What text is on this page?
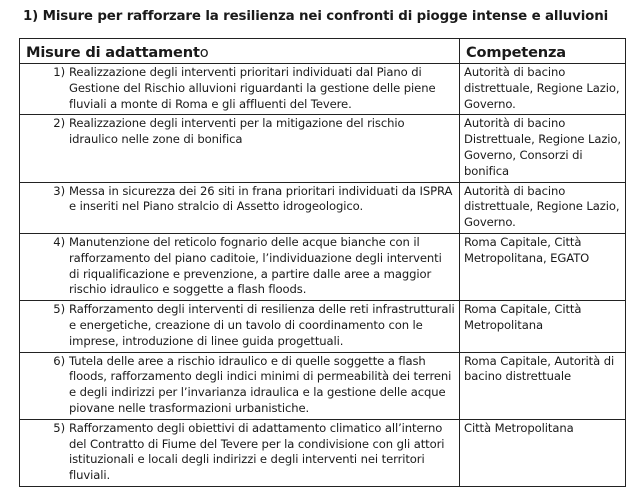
1) Misure per rafforzare la resilienza nei confronti di piogge intense e alluvioni
Misure di adattamento	Competenza

1) Realizzazione degli interventi prioritari individuati dal Piano di Gestione del Rischio alluvioni riguardanti la gestione delle piene fluviali a monte di Roma e gli affluenti del Tevere.	Autorità di bacino distrettuale, Regione Lazio, Governo.

2) Realizzazione degli interventi per la mitigazione del rischio idraulico nelle zone di bonifica	Autorità di bacino Distrettuale, Regione Lazio, Governo, Consorzi di bonifica

3) Messa in sicurezza dei 26 siti in frana prioritari individuati da ISPRA e inseriti nel Piano stralcio di Assetto idrogeologico.	Autorità di bacino distrettuale, Regione Lazio, Governo.

4) Manutenzione del reticolo fognario delle acque bianche con il rafforzamento del piano caditoie, l’individuazione degli interventi di riqualificazione e prevenzione, a partire dalle aree a maggior rischio idraulico e soggette a flash floods.	Roma Capitale, Città Metropolitana, EGATO

5) Rafforzamento degli interventi di resilienza delle reti infrastrutturali e energetiche, creazione di un tavolo di coordinamento con le imprese, introduzione di linee guida progettuali.	Roma Capitale, Città Metropolitana

6) Tutela delle aree a rischio idraulico e di quelle soggette a flash floods, rafforzamento degli indici minimi di permeabilità dei terreni e degli indirizzi per l’invarianza idraulica e la gestione delle acque piovane nelle trasformazioni urbanistiche.	Roma Capitale, Autorità di bacino distrettuale

5) Rafforzamento degli obiettivi di adattamento climatico all’interno del Contratto di Fiume del Tevere per la condivisione con gli attori istituzionali e locali degli indirizzi e degli interventi nei territori fluviali.	Città Metropolitana
